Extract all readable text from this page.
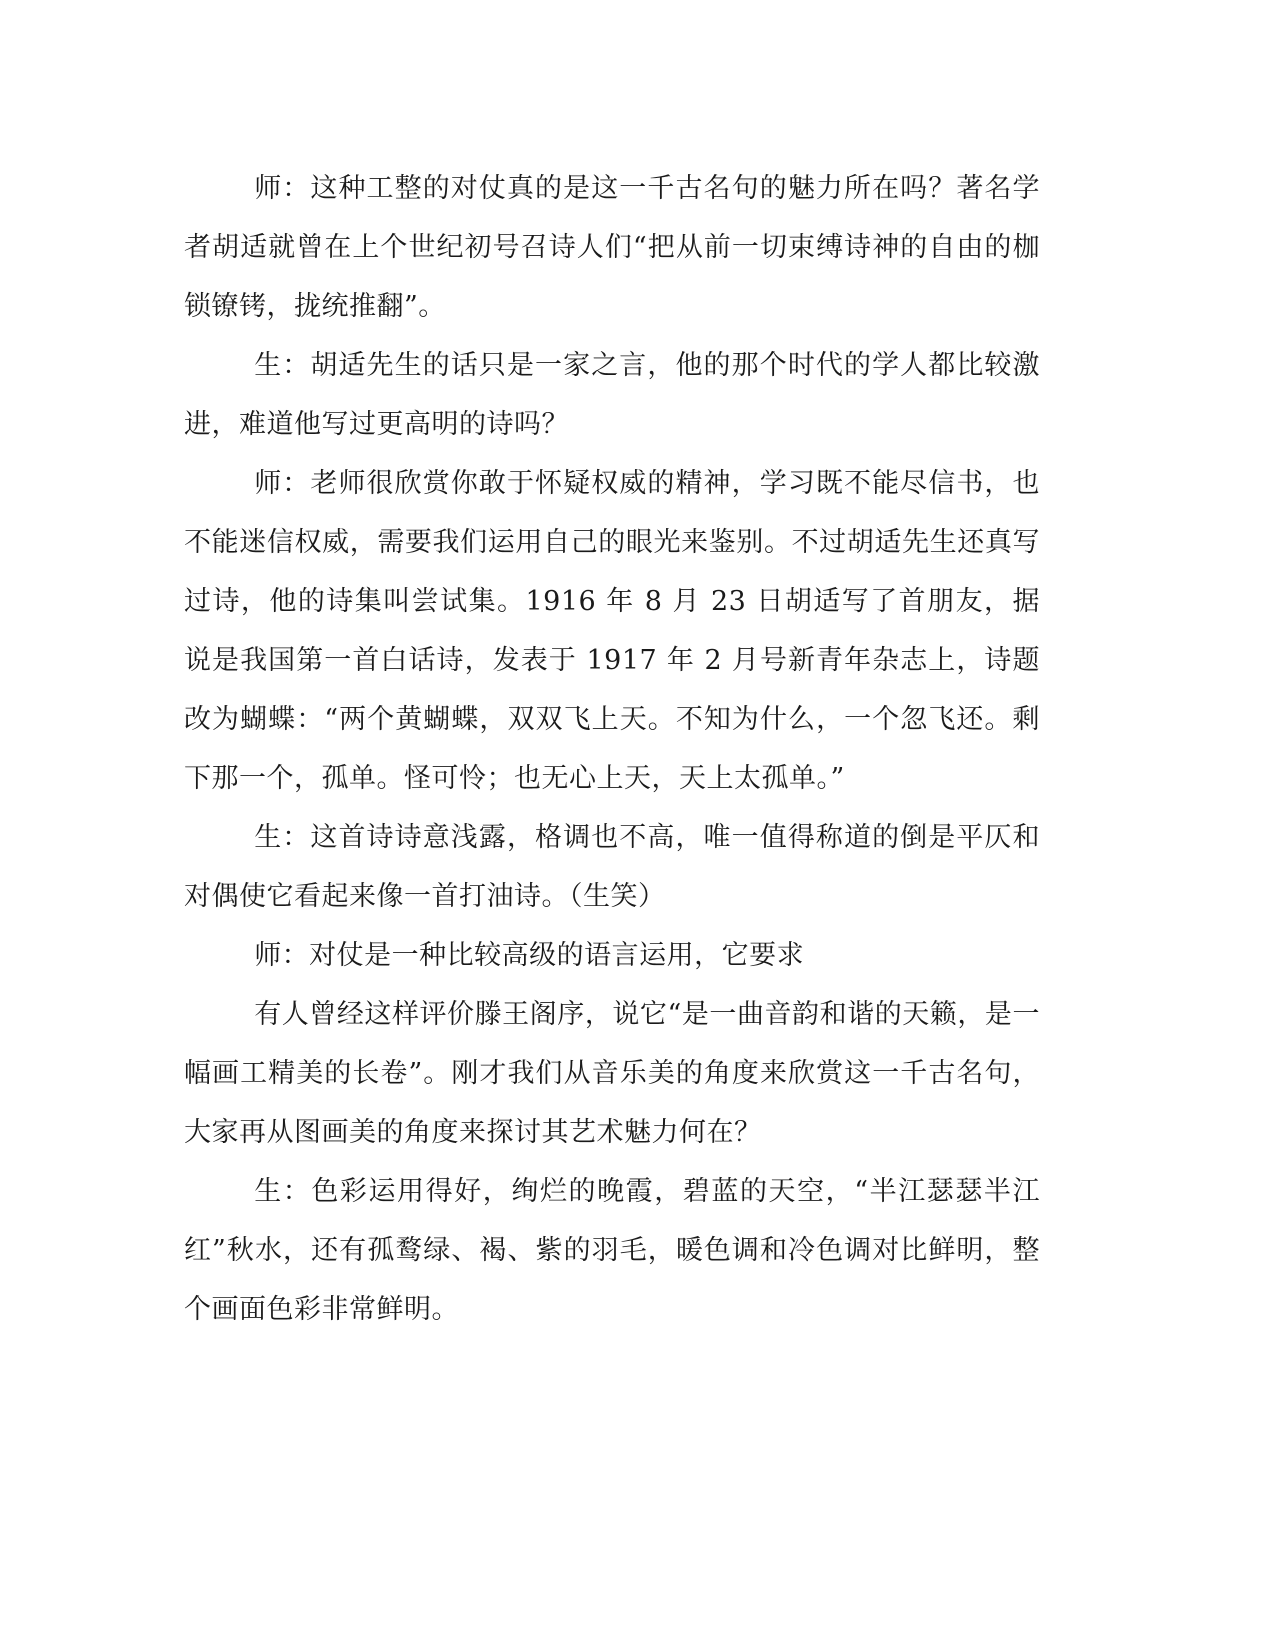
师：这种工整的对仗真的是这一千古名句的魅力所在吗？著名学者胡适就曾在上个世纪初号召诗人们“把从前一切束缚诗神的自由的枷锁镣铐，拢统推翻”。

生：胡适先生的话只是一家之言，他的那个时代的学人都比较激进，难道他写过更高明的诗吗？

师：老师很欣赏你敢于怀疑权威的精神，学习既不能尽信书，也不能迷信权威，需要我们运用自己的眼光来鉴别。不过胡适先生还真写过诗，他的诗集叫尝试集。1916 年 8 月 23 日胡适写了首朋友，据说是我国第一首白话诗，发表于 1917 年 2 月号新青年杂志上，诗题改为蝴蝶：“两个黄蝴蝶，双双飞上天。不知为什么，一个忽飞还。剩下那一个，孤单。怪可怜；也无心上天，天上太孤单。”

生：这首诗诗意浅露，格调也不高，唯一值得称道的倒是平仄和对偶使它看起来像一首打油诗。（生笑）

师：对仗是一种比较高级的语言运用，它要求

有人曾经这样评价滕王阁序，说它“是一曲音韵和谐的天籁，是一幅画工精美的长卷”。刚才我们从音乐美的角度来欣赏这一千古名句，大家再从图画美的角度来探讨其艺术魅力何在？

生：色彩运用得好，绚烂的晚霞，碧蓝的天空，“半江瑟瑟半江红”秋水，还有孤鹜绿、褐、紫的羽毛，暖色调和冷色调对比鲜明，整个画面色彩非常鲜明。
